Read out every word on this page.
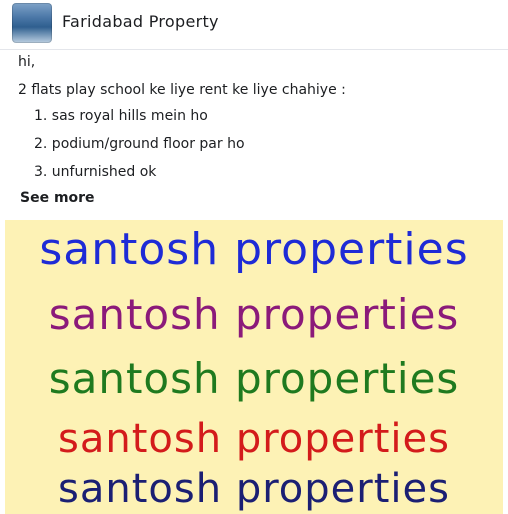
Faridabad Property

hi,

2 flats play school ke liye rent ke liye chahiye :

1. sas royal hills mein ho
2. podium/ground floor par ho
3. unfurnished ok
See more
santosh properties
santosh properties
santosh properties
santosh properties
santosh properties
